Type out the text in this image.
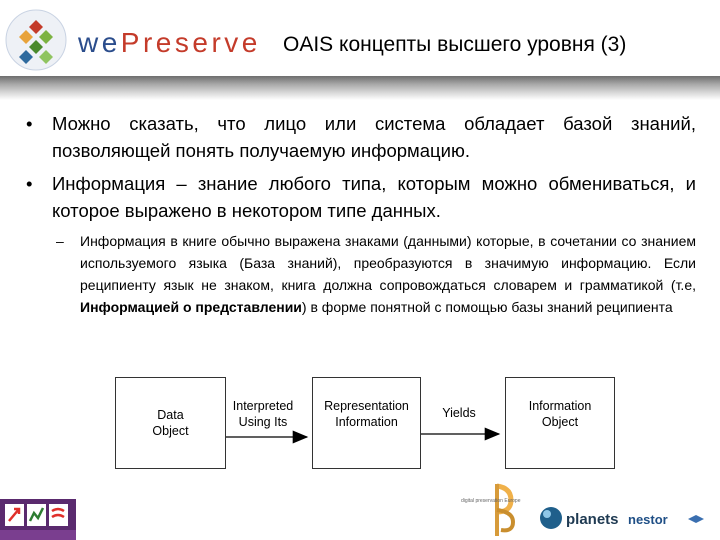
wePreserve OAIS концепты высшего уровня (3)
• Можно сказать, что лицо или система обладает базой знаний, позволяющей понять получаемую информацию.
• Информация – знание любого типа, которым можно обмениваться, и которое выражено в некотором типе данных.
– Информация в книге обычно выражена знаками (данными) которые, в сочетании со знанием используемого языка (База знаний), преобразуются в значимую информацию. Если реципиенту язык не знаком, книга должна сопровождаться словарем и грамматикой (т.е, Информацией о представлении) в форме понятной с помощью базы знаний реципиента
Data
Object
Interpreted
Using Its
Representation
Information
Yields	Information
Object
digital preservation Europe
planets nestor
